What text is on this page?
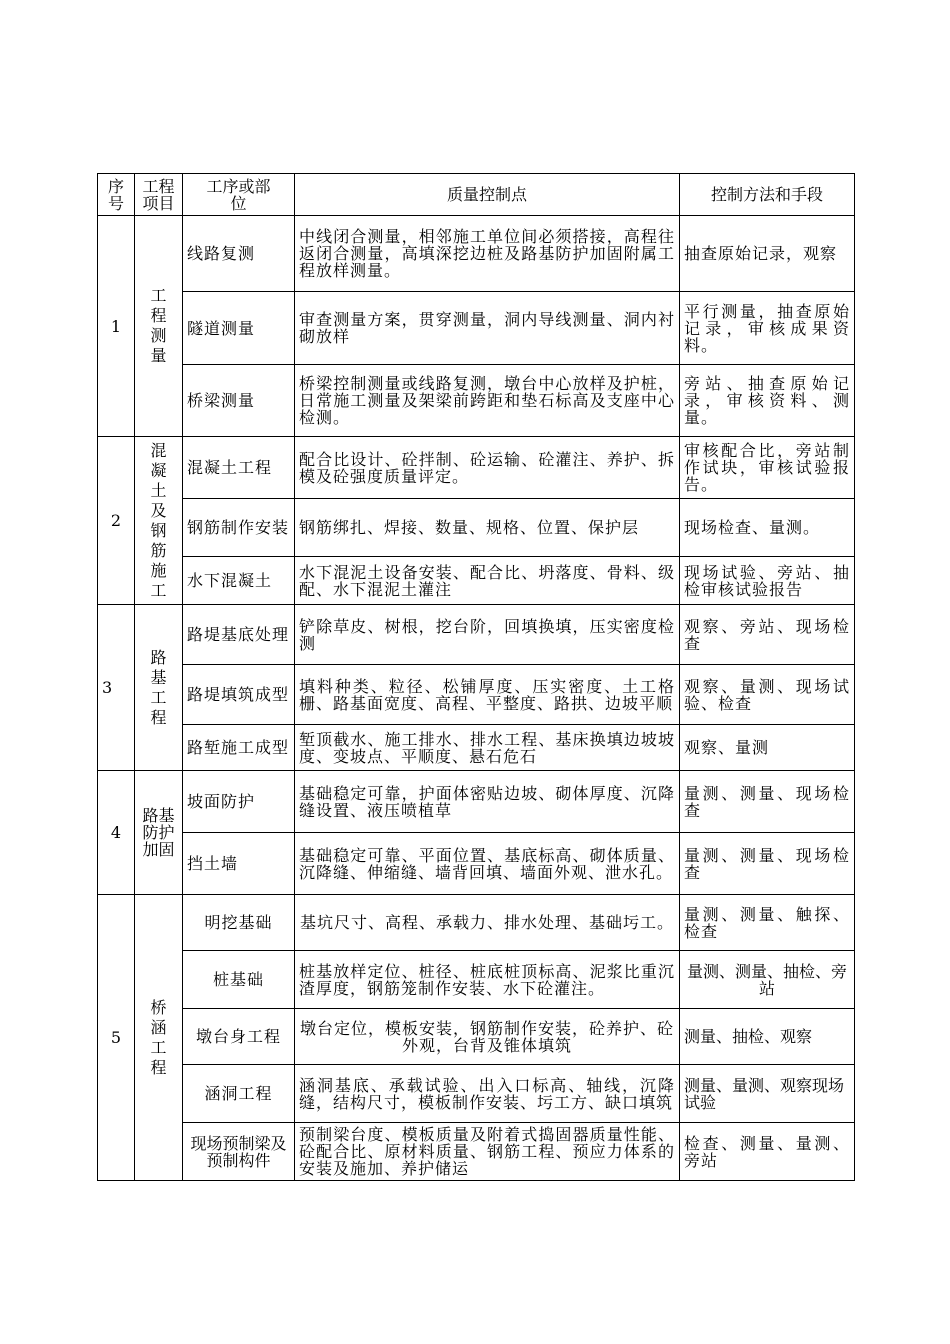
序号	工程项目	工序或部位	质量控制点	控制方法和手段
1	工程测量	线路复测	中线闭合测量，相邻施工单位间必须搭接，高程往返闭合测量，高填深挖边桩及路基防护加固附属工程放样测量。	抽查原始记录，观察
		隧道测量	审查测量方案，贯穿测量，洞内导线测量、洞内衬砌放样	平行测量，抽查原始记录，审核成果资料。
		桥梁测量	桥梁控制测量或线路复测，墩台中心放样及护桩，日常施工测量及架梁前跨距和垫石标高及支座中心检测。	旁站、抽查原始记录，审核资料、测量。
2	混凝土及钢筋施工	混凝土工程	配合比设计、砼拌制、砼运输、砼灌注、养护、拆模及砼强度质量评定。	审核配合比，旁站制作试块，审核试验报告。
		钢筋制作安装	钢筋绑扎、焊接、数量、规格、位置、保护层	现场检查、量测。
		水下混凝土	水下混泥土设备安装、配合比、坍落度、骨料、级配、水下混泥土灌注	现场试验、旁站、抽检审核试验报告
3	路基工程	路堤基底处理	铲除草皮、树根，挖台阶，回填换填，压实密度检测	观察、旁站、现场检查
		路堤填筑成型	填料种类、粒径、松铺厚度、压实密度、土工格栅、路基面宽度、高程、平整度、路拱、边坡平顺	观察、量测、现场试验、检查
		路堑施工成型	堑顶截水、施工排水、排水工程、基床换填边坡坡度、变坡点、平顺度、悬石危石	观察、量测
4	路基防护加固	坡面防护	基础稳定可靠，护面体密贴边坡、砌体厚度、沉降缝设置、液压喷植草	量测、测量、现场检查
		挡土墙	基础稳定可靠、平面位置、基底标高、砌体质量、沉降缝、伸缩缝、墙背回填、墙面外观、泄水孔。	量测、测量、现场检查
5	桥涵工程	明挖基础	基坑尺寸、高程、承载力、排水处理、基础圬工。	量测、测量、触探、检查
		桩基础	桩基放样定位、桩径、桩底桩顶标高、泥浆比重沉渣厚度，钢筋笼制作安装、水下砼灌注。	量测、测量、抽检、旁站
		墩台身工程	墩台定位，模板安装，钢筋制作安装，砼养护、砼外观，台背及锥体填筑	测量、抽检、观察
		涵洞工程	涵洞基底、承载试验、出入口标高、轴线，沉降缝，结构尺寸，模板制作安装、圬工方、缺口填筑	测量、量测、观察现场试验
		现场预制梁及预制构件	预制梁台度、模板质量及附着式捣固器质量性能、砼配合比、原材料质量、钢筋工程、预应力体系的安装及施加、养护储运	检查、测量、量测、旁站
